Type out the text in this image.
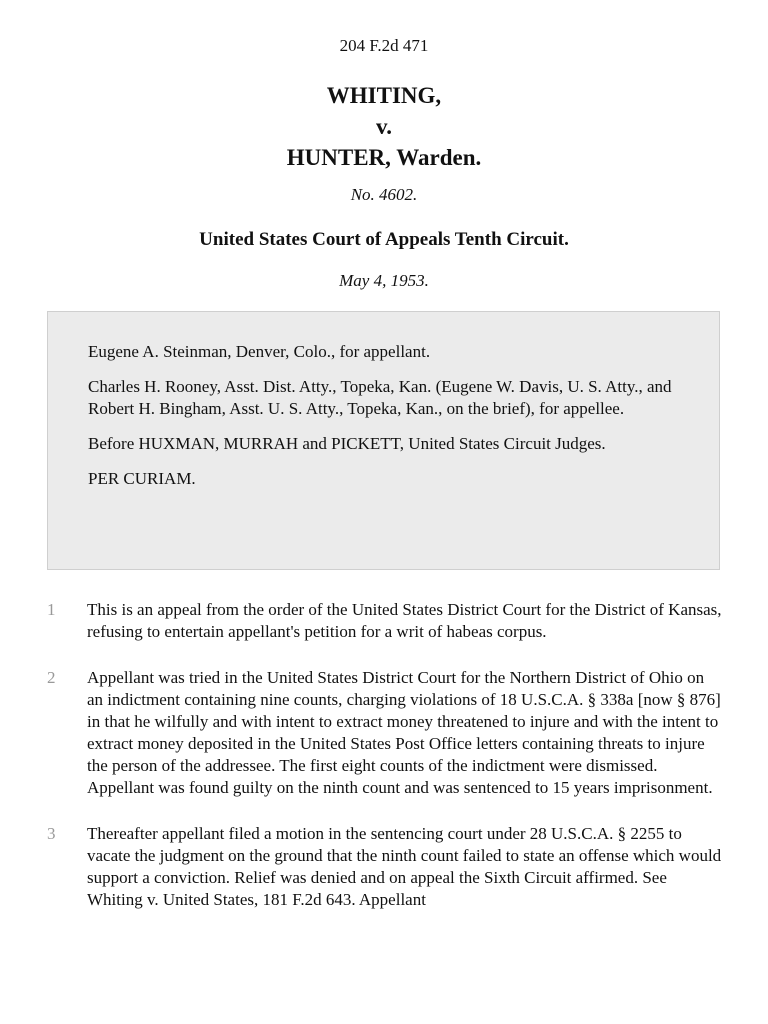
204 F.2d 471
WHITING,
v.
HUNTER, Warden.
No. 4602.
United States Court of Appeals Tenth Circuit.
May 4, 1953.

Eugene A. Steinman, Denver, Colo., for appellant.

Charles H. Rooney, Asst. Dist. Atty., Topeka, Kan. (Eugene W. Davis, U. S. Atty., and Robert H. Bingham, Asst. U. S. Atty., Topeka, Kan., on the brief), for appellee.

Before HUXMAN, MURRAH and PICKETT, United States Circuit Judges.

PER CURIAM.

1 This is an appeal from the order of the United States District Court for the District of Kansas, refusing to entertain appellant's petition for a writ of habeas corpus.
2 Appellant was tried in the United States District Court for the Northern District of Ohio on an indictment containing nine counts, charging violations of 18 U.S.C.A. § 338a [now § 876] in that he wilfully and with intent to extract money threatened to injure and with the intent to extract money deposited in the United States Post Office letters containing threats to injure the person of the addressee. The first eight counts of the indictment were dismissed. Appellant was found guilty on the ninth count and was sentenced to 15 years imprisonment.
3 Thereafter appellant filed a motion in the sentencing court under 28 U.S.C.A. § 2255 to vacate the judgment on the ground that the ninth count failed to state an offense which would support a conviction. Relief was denied and on appeal the Sixth Circuit affirmed. See Whiting v. United States, 181 F.2d 643. Appellant
